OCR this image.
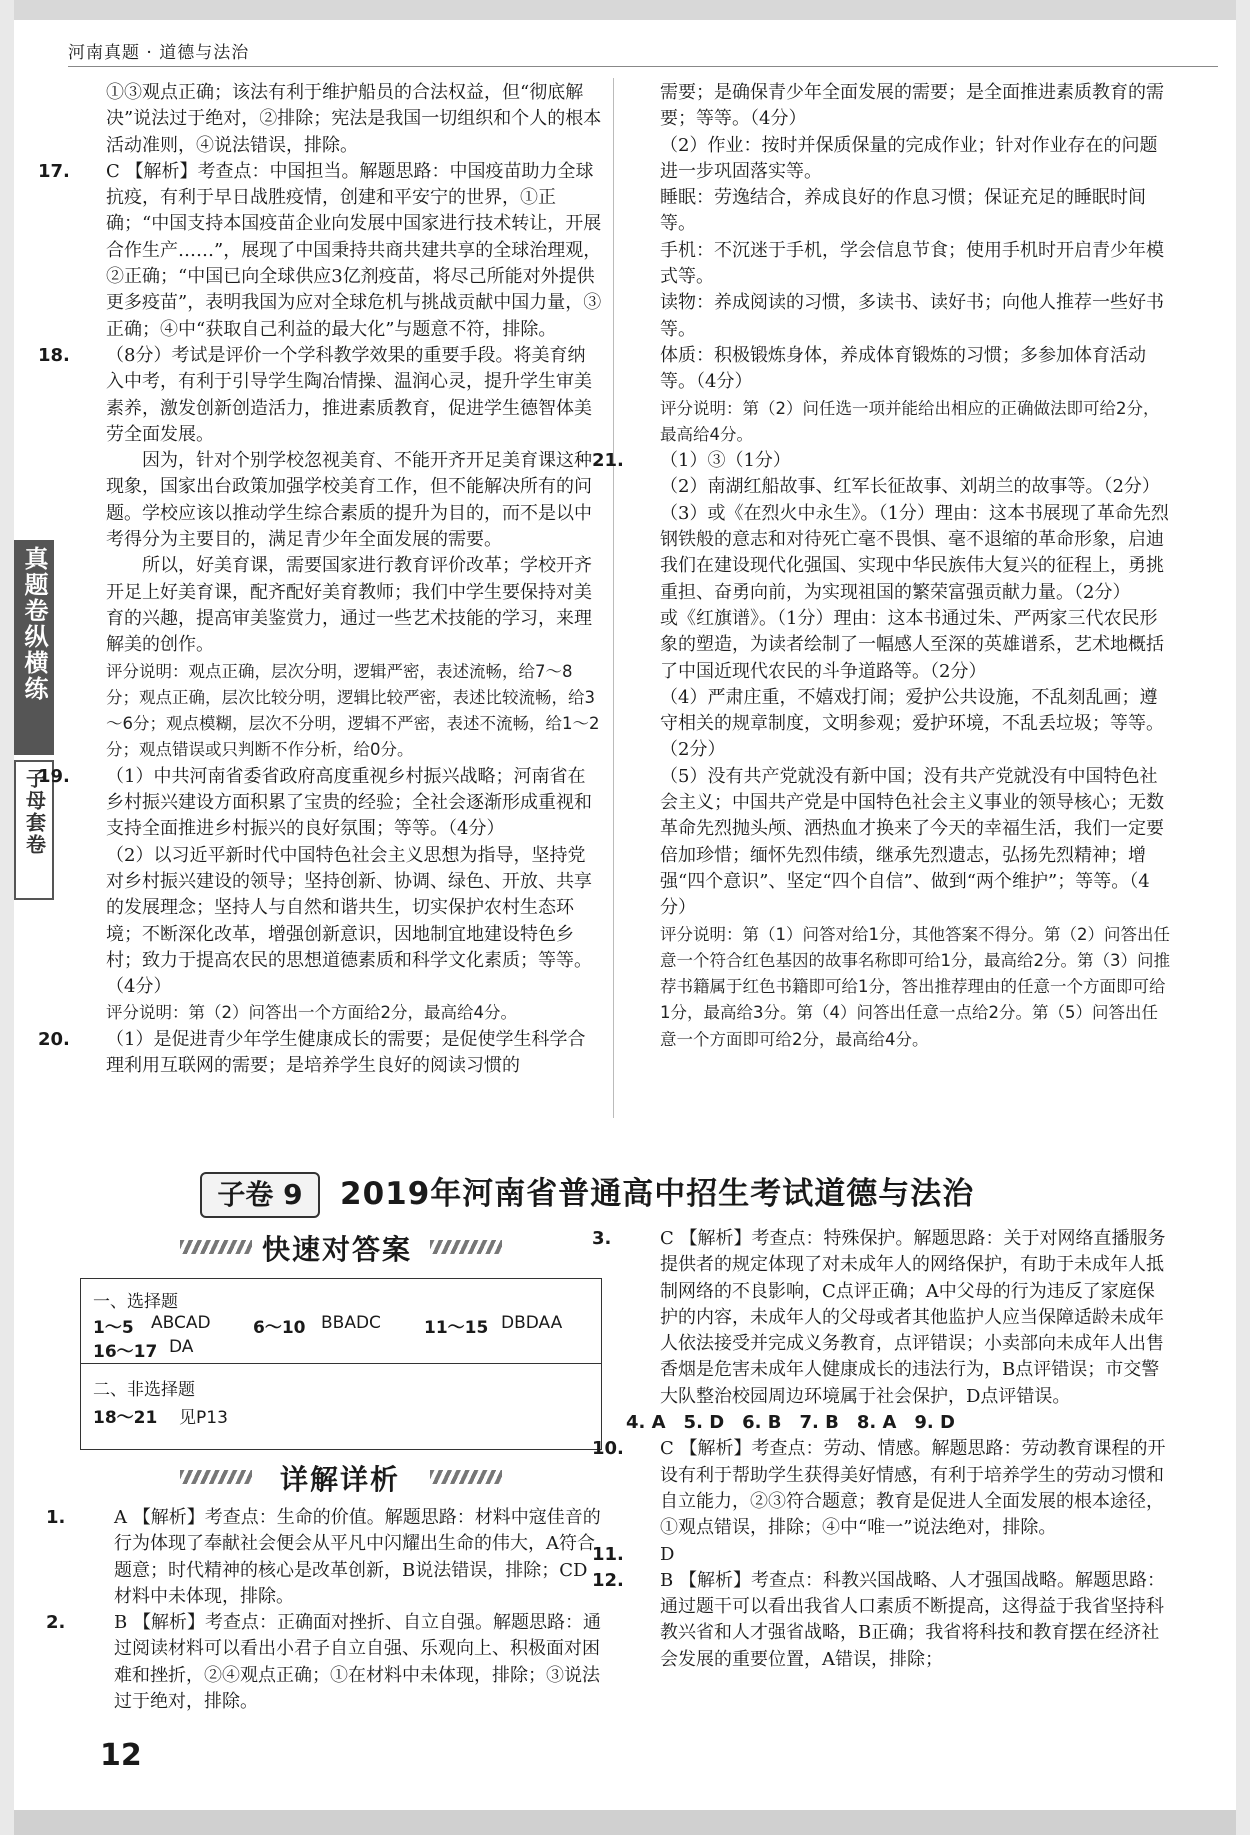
河南真题 · 道德与法治
真题卷纵横练
子母套卷

①③观点正确；该法有利于维护船员的合法权益，但“彻底解决”说法过于绝对，②排除；宪法是我国一切组织和个人的根本活动准则，④说法错误，排除。

17. C 【解析】考查点：中国担当。解题思路：中国疫苗助力全球抗疫，有利于早日战胜疫情，创建和平安宁的世界，①正确；“中国支持本国疫苗企业向发展中国家进行技术转让，开展合作生产……”，展现了中国秉持共商共建共享的全球治理观，②正确；“中国已向全球供应3亿剂疫苗，将尽己所能对外提供更多疫苗”，表明我国为应对全球危机与挑战贡献中国力量，③正确；④中“获取自己利益的最大化”与题意不符，排除。

18. （8分）考试是评价一个学科教学效果的重要手段。将美育纳入中考，有利于引导学生陶冶情操、温润心灵，提升学生审美素养，激发创新创造活力，推进素质教育，促进学生德智体美劳全面发展。

因为，针对个别学校忽视美育、不能开齐开足美育课这种现象，国家出台政策加强学校美育工作，但不能解决所有的问题。学校应该以推动学生综合素质的提升为目的，而不是以中考得分为主要目的，满足青少年全面发展的需要。

所以，好美育课，需要国家进行教育评价改革；学校开齐开足上好美育课，配齐配好美育教师；我们中学生要保持对美育的兴趣，提高审美鉴赏力，通过一些艺术技能的学习，来理解美的创作。

评分说明：观点正确，层次分明，逻辑严密，表述流畅，给7～8分；观点正确，层次比较分明，逻辑比较严密，表述比较流畅，给3～6分；观点模糊，层次不分明，逻辑不严密，表述不流畅，给1～2分；观点错误或只判断不作分析，给0分。

19. （1）中共河南省委省政府高度重视乡村振兴战略；河南省在乡村振兴建设方面积累了宝贵的经验；全社会逐渐形成重视和支持全面推进乡村振兴的良好氛围；等等。（4分）

（2）以习近平新时代中国特色社会主义思想为指导，坚持党对乡村振兴建设的领导；坚持创新、协调、绿色、开放、共享的发展理念；坚持人与自然和谐共生，切实保护农村生态环境；不断深化改革，增强创新意识，因地制宜地建设特色乡村；致力于提高农民的思想道德素质和科学文化素质；等等。（4分）

评分说明：第（2）问答出一个方面给2分，最高给4分。

20. （1）是促进青少年学生健康成长的需要；是促使学生科学合理利用互联网的需要；是培养学生良好的阅读习惯的

需要；是确保青少年全面发展的需要；是全面推进素质教育的需要；等等。（4分）

（2）作业：按时并保质保量的完成作业；针对作业存在的问题进一步巩固落实等。

睡眠：劳逸结合，养成良好的作息习惯；保证充足的睡眠时间等。

手机：不沉迷于手机，学会信息节食；使用手机时开启青少年模式等。

读物：养成阅读的习惯，多读书、读好书；向他人推荐一些好书等。

体质：积极锻炼身体，养成体育锻炼的习惯；多参加体育活动等。（4分）

评分说明：第（2）问任选一项并能给出相应的正确做法即可给2分，最高给4分。

21. （1）③（1分）

（2）南湖红船故事、红军长征故事、刘胡兰的故事等。（2分）

（3）或《在烈火中永生》。（1分）理由：这本书展现了革命先烈钢铁般的意志和对待死亡毫不畏惧、毫不退缩的革命形象，启迪我们在建设现代化强国、实现中华民族伟大复兴的征程上，勇挑重担、奋勇向前，为实现祖国的繁荣富强贡献力量。（2分）

或《红旗谱》。（1分）理由：这本书通过朱、严两家三代农民形象的塑造，为读者绘制了一幅感人至深的英雄谱系，艺术地概括了中国近现代农民的斗争道路等。（2分）

（4）严肃庄重，不嬉戏打闹；爱护公共设施，不乱刻乱画；遵守相关的规章制度，文明参观；爱护环境，不乱丢垃圾；等等。（2分）

（5）没有共产党就没有新中国；没有共产党就没有中国特色社会主义；中国共产党是中国特色社会主义事业的领导核心；无数革命先烈抛头颅、洒热血才换来了今天的幸福生活，我们一定要倍加珍惜；缅怀先烈伟绩，继承先烈遗志，弘扬先烈精神；增强“四个意识”、坚定“四个自信”、做到“两个维护”；等等。（4分）

评分说明：第（1）问答对给1分，其他答案不得分。第（2）问答出任意一个符合红色基因的故事名称即可给1分，最高给2分。第（3）问推荐书籍属于红色书籍即可给1分，答出推荐理由的任意一个方面即可给1分，最高给3分。第（4）问答出任意一点给2分。第（5）问答出任意一个方面即可给2分，最高给4分。

子卷 9	2019年河南省普通高中招生考试道德与法治
快速对答案
一、选择题
1～5 ABCAD 6～10 BBADC	11～15 DBDAA
16～17 DA
二、非选择题
18～21 见P13
详解详析

1.	A 【解析】考查点：生命的价值。解题思路：材料中寇佳音的行为体现了奉献社会便会从平凡中闪耀出生命的伟大，A符合题意；时代精神的核心是改革创新，B说法错误，排除；CD材料中未体现，排除。

2.	B 【解析】考查点：正确面对挫折、自立自强。解题思路：通过阅读材料可以看出小君子自立自强、乐观向上、积极面对困难和挫折，②④观点正确；①在材料中未体现，排除；③说法过于绝对，排除。

3.	C 【解析】考查点：特殊保护。解题思路：关于对网络直播服务提供者的规定体现了对未成年人的网络保护，有助于未成年人抵制网络的不良影响，C点评正确；A中父母的行为违反了家庭保护的内容，未成年人的父母或者其他监护人应当保障适龄未成年人依法接受并完成义务教育，点评错误；小卖部向未成年人出售香烟是危害未成年人健康成长的违法行为，B点评错误；市交警大队整治校园周边环境属于社会保护，D点评错误。

4. A　5. D　6. B　7. B　8. A　9. D

10. C 【解析】考查点：劳动、情感。解题思路：劳动教育课程的开设有利于帮助学生获得美好情感，有利于培养学生的劳动习惯和自立能力，②③符合题意；教育是促进人全面发展的根本途径，①观点错误，排除；④中“唯一”说法绝对，排除。

11. D

12. B 【解析】考查点：科教兴国战略、人才强国战略。解题思路：通过题干可以看出我省人口素质不断提高，这得益于我省坚持科教兴省和人才强省战略，B正确；我省将科技和教育摆在经济社会发展的重要位置，A错误，排除；

12
